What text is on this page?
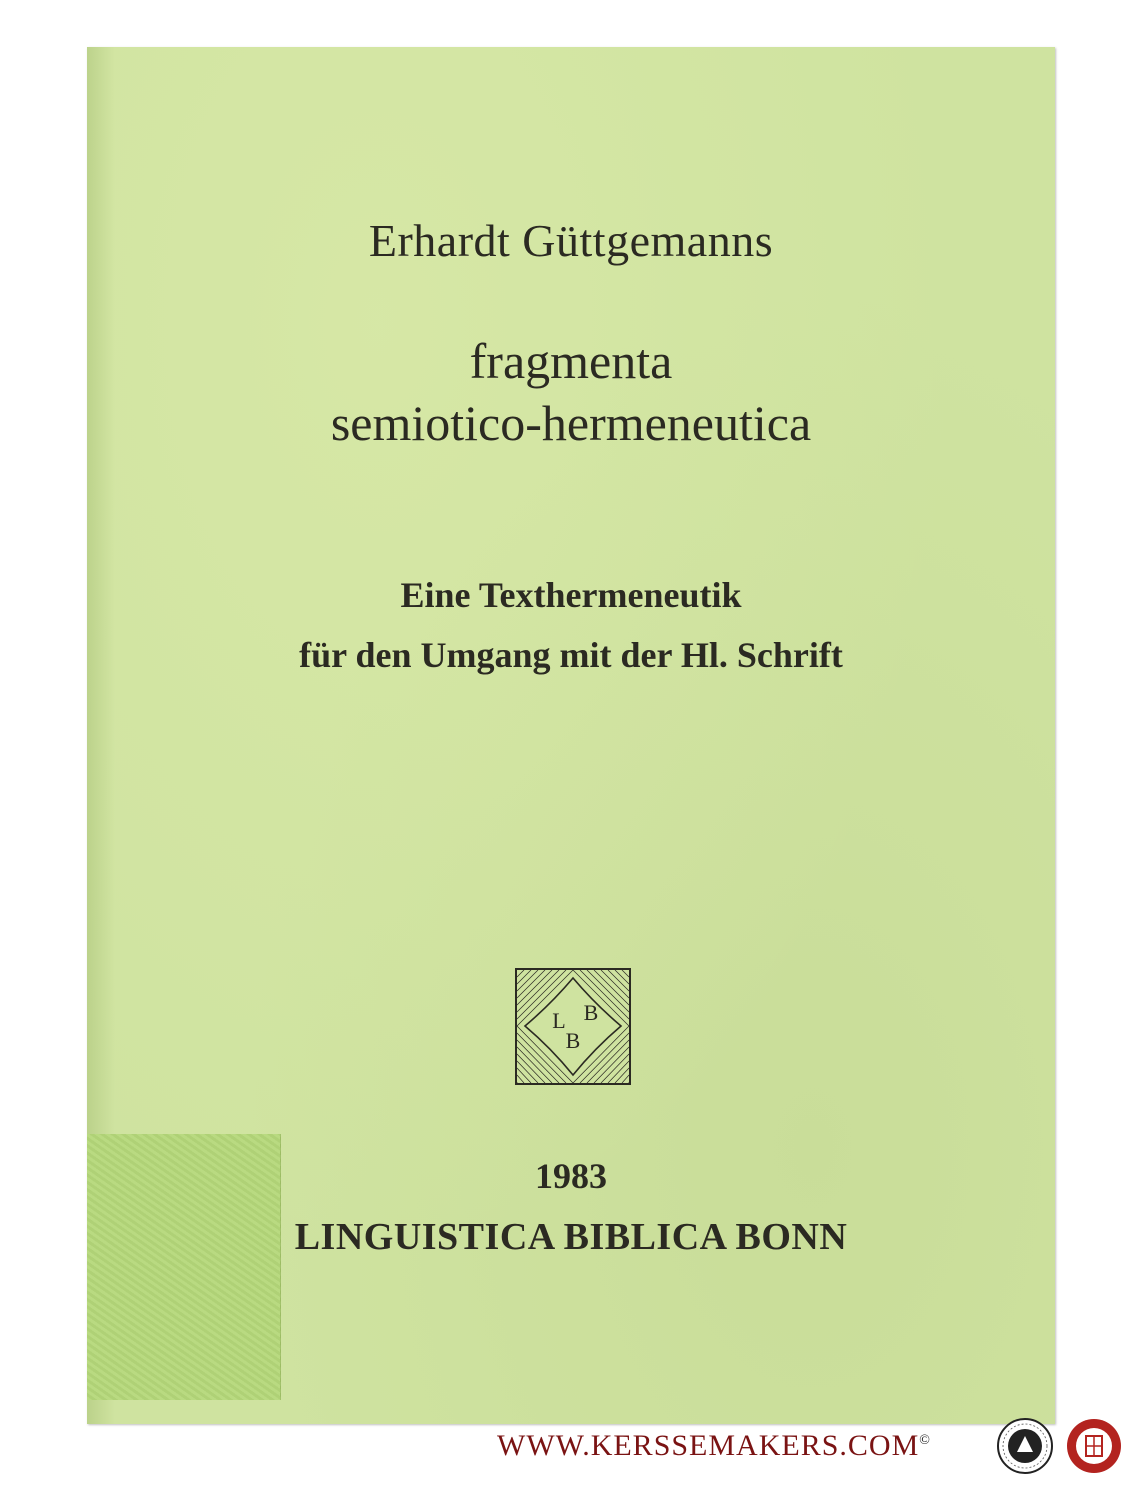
Erhardt Güttgemanns

fragmenta

semiotico-hermeneutica

Eine Texthermeneutik

für den Umgang mit der Hl. Schrift

L B
B

1983

LINGUISTICA BIBLICA BONN

WWW.KERSSEMAKERS.COM©
